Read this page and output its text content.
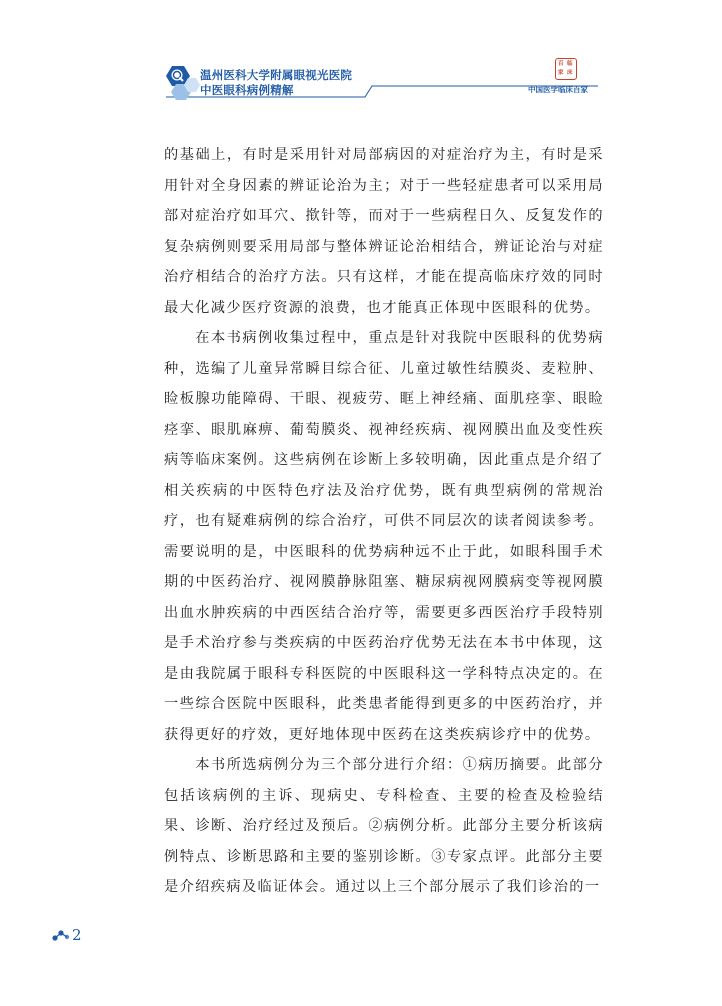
温州医科大学附属眼视光医院
中医眼科病例精解
百 临
家 床
中国医学临床百家

的基础上，有时是采用针对局部病因的对症治疗为主，有时是采用针对全身因素的辨证论治为主；对于一些轻症患者可以采用局部对症治疗如耳穴、揿针等，而对于一些病程日久、反复发作的复杂病例则要采用局部与整体辨证论治相结合，辨证论治与对症治疗相结合的治疗方法。只有这样，才能在提高临床疗效的同时最大化减少医疗资源的浪费，也才能真正体现中医眼科的优势。

在本书病例收集过程中，重点是针对我院中医眼科的优势病种，选编了儿童异常瞬目综合征、儿童过敏性结膜炎、麦粒肿、睑板腺功能障碍、干眼、视疲劳、眶上神经痛、面肌痉挛、眼睑痉挛、眼肌麻痹、葡萄膜炎、视神经疾病、视网膜出血及变性疾病等临床案例。这些病例在诊断上多较明确，因此重点是介绍了相关疾病的中医特色疗法及治疗优势，既有典型病例的常规治疗，也有疑难病例的综合治疗，可供不同层次的读者阅读参考。需要说明的是，中医眼科的优势病种远不止于此，如眼科围手术期的中医药治疗、视网膜静脉阻塞、糖尿病视网膜病变等视网膜出血水肿疾病的中西医结合治疗等，需要更多西医治疗手段特别是手术治疗参与类疾病的中医药治疗优势无法在本书中体现，这是由我院属于眼科专科医院的中医眼科这一学科特点决定的。在一些综合医院中医眼科，此类患者能得到更多的中医药治疗，并获得更好的疗效，更好地体现中医药在这类疾病诊疗中的优势。

本书所选病例分为三个部分进行介绍：①病历摘要。此部分包括该病例的主诉、现病史、专科检查、主要的检查及检验结果、诊断、治疗经过及预后。②病例分析。此部分主要分析该病例特点、诊断思路和主要的鉴别诊断。③专家点评。此部分主要是介绍疾病及临证体会。通过以上三个部分展示了我们诊治的一

2
